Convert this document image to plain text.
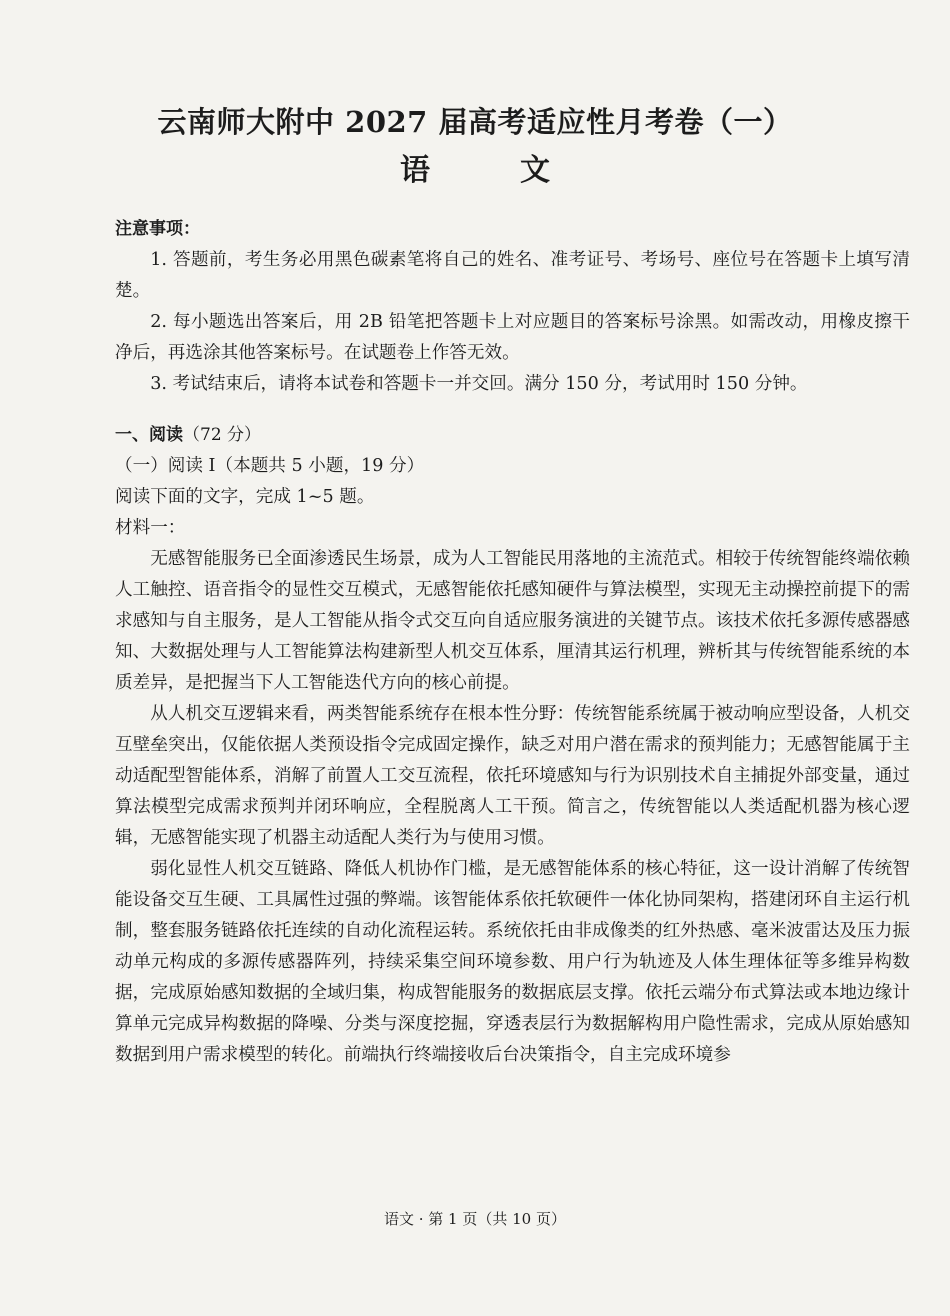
云南师大附中 2027 届高考适应性月考卷（一）
语　文

注意事项：

1. 答题前，考生务必用黑色碳素笔将自己的姓名、准考证号、考场号、座位号在答题卡上填写清楚。

2. 每小题选出答案后，用 2B 铅笔把答题卡上对应题目的答案标号涂黑。如需改动，用橡皮擦干净后，再选涂其他答案标号。在试题卷上作答无效。

3. 考试结束后，请将本试卷和答题卡一并交回。满分 150 分，考试用时 150 分钟。

一、阅读（72 分）

（一）阅读 I（本题共 5 小题，19 分）

阅读下面的文字，完成 1~5 题。

材料一：

无感智能服务已全面渗透民生场景，成为人工智能民用落地的主流范式。相较于传统智能终端依赖人工触控、语音指令的显性交互模式，无感智能依托感知硬件与算法模型，实现无主动操控前提下的需求感知与自主服务，是人工智能从指令式交互向自适应服务演进的关键节点。该技术依托多源传感器感知、大数据处理与人工智能算法构建新型人机交互体系，厘清其运行机理，辨析其与传统智能系统的本质差异，是把握当下人工智能迭代方向的核心前提。

从人机交互逻辑来看，两类智能系统存在根本性分野：传统智能系统属于被动响应型设备，人机交互壁垒突出，仅能依据人类预设指令完成固定操作，缺乏对用户潜在需求的预判能力；无感智能属于主动适配型智能体系，消解了前置人工交互流程，依托环境感知与行为识别技术自主捕捉外部变量，通过算法模型完成需求预判并闭环响应，全程脱离人工干预。简言之，传统智能以人类适配机器为核心逻辑，无感智能实现了机器主动适配人类行为与使用习惯。

弱化显性人机交互链路、降低人机协作门槛，是无感智能体系的核心特征，这一设计消解了传统智能设备交互生硬、工具属性过强的弊端。该智能体系依托软硬件一体化协同架构，搭建闭环自主运行机制，整套服务链路依托连续的自动化流程运转。系统依托由非成像类的红外热感、毫米波雷达及压力振动单元构成的多源传感器阵列，持续采集空间环境参数、用户行为轨迹及人体生理体征等多维异构数据，完成原始感知数据的全域归集，构成智能服务的数据底层支撑。依托云端分布式算法或本地边缘计算单元完成异构数据的降噪、分类与深度挖掘，穿透表层行为数据解构用户隐性需求，完成从原始感知数据到用户需求模型的转化。前端执行终端接收后台决策指令，自主完成环境参

语文 · 第 1 页（共 10 页）
